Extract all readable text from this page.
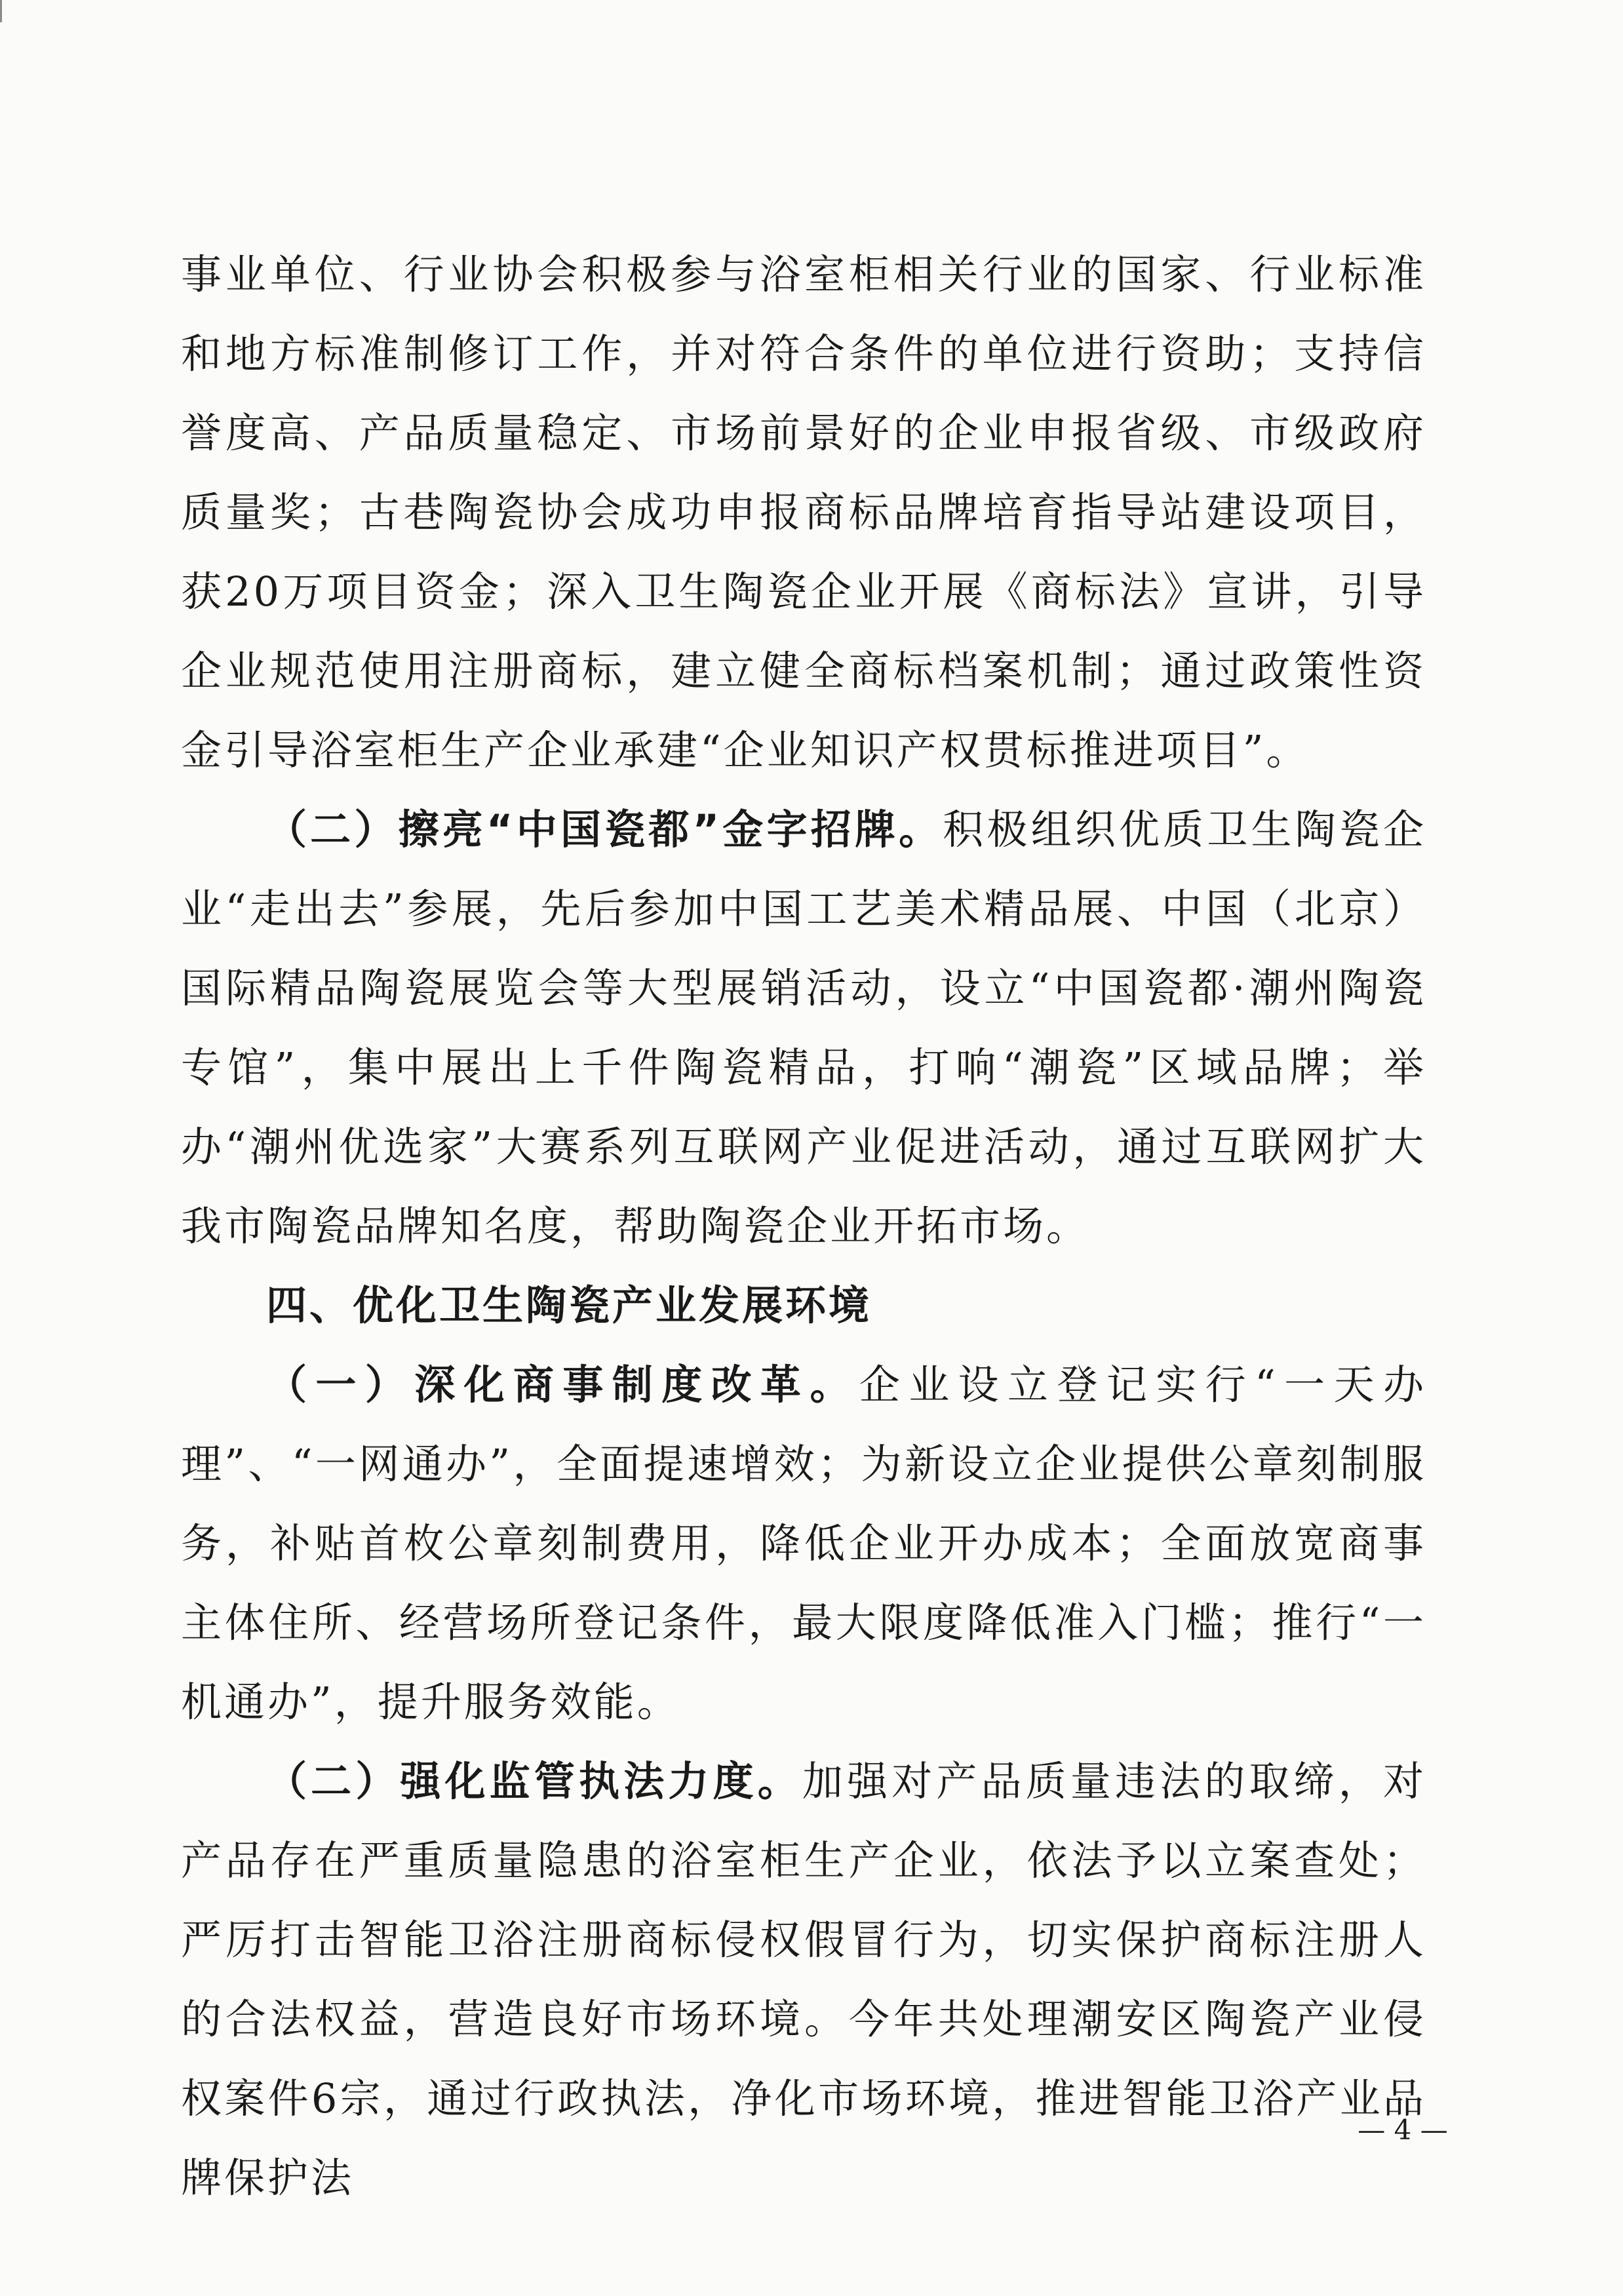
事业单位、行业协会积极参与浴室柜相关行业的国家、行业标准和地方标准制修订工作，并对符合条件的单位进行资助；支持信誉度高、产品质量稳定、市场前景好的企业申报省级、市级政府质量奖；古巷陶瓷协会成功申报商标品牌培育指导站建设项目，获20万项目资金；深入卫生陶瓷企业开展《商标法》宣讲，引导企业规范使用注册商标，建立健全商标档案机制；通过政策性资金引导浴室柜生产企业承建“企业知识产权贯标推进项目”。

（二）擦亮“中国瓷都”金字招牌。积极组织优质卫生陶瓷企业“走出去”参展，先后参加中国工艺美术精品展、中国（北京）国际精品陶瓷展览会等大型展销活动，设立“中国瓷都·潮州陶瓷专馆”，集中展出上千件陶瓷精品，打响“潮瓷”区域品牌；举办“潮州优选家”大赛系列互联网产业促进活动，通过互联网扩大我市陶瓷品牌知名度，帮助陶瓷企业开拓市场。

四、优化卫生陶瓷产业发展环境

（一）深化商事制度改革。企业设立登记实行“一天办理”、“一网通办”，全面提速增效；为新设立企业提供公章刻制服务，补贴首枚公章刻制费用，降低企业开办成本；全面放宽商事主体住所、经营场所登记条件，最大限度降低准入门槛；推行“一机通办”，提升服务效能。

（二）强化监管执法力度。加强对产品质量违法的取缔，对产品存在严重质量隐患的浴室柜生产企业，依法予以立案查处；严厉打击智能卫浴注册商标侵权假冒行为，切实保护商标注册人的合法权益，营造良好市场环境。今年共处理潮安区陶瓷产业侵权案件6宗，通过行政执法，净化市场环境，推进智能卫浴产业品牌保护法

— 4 —
